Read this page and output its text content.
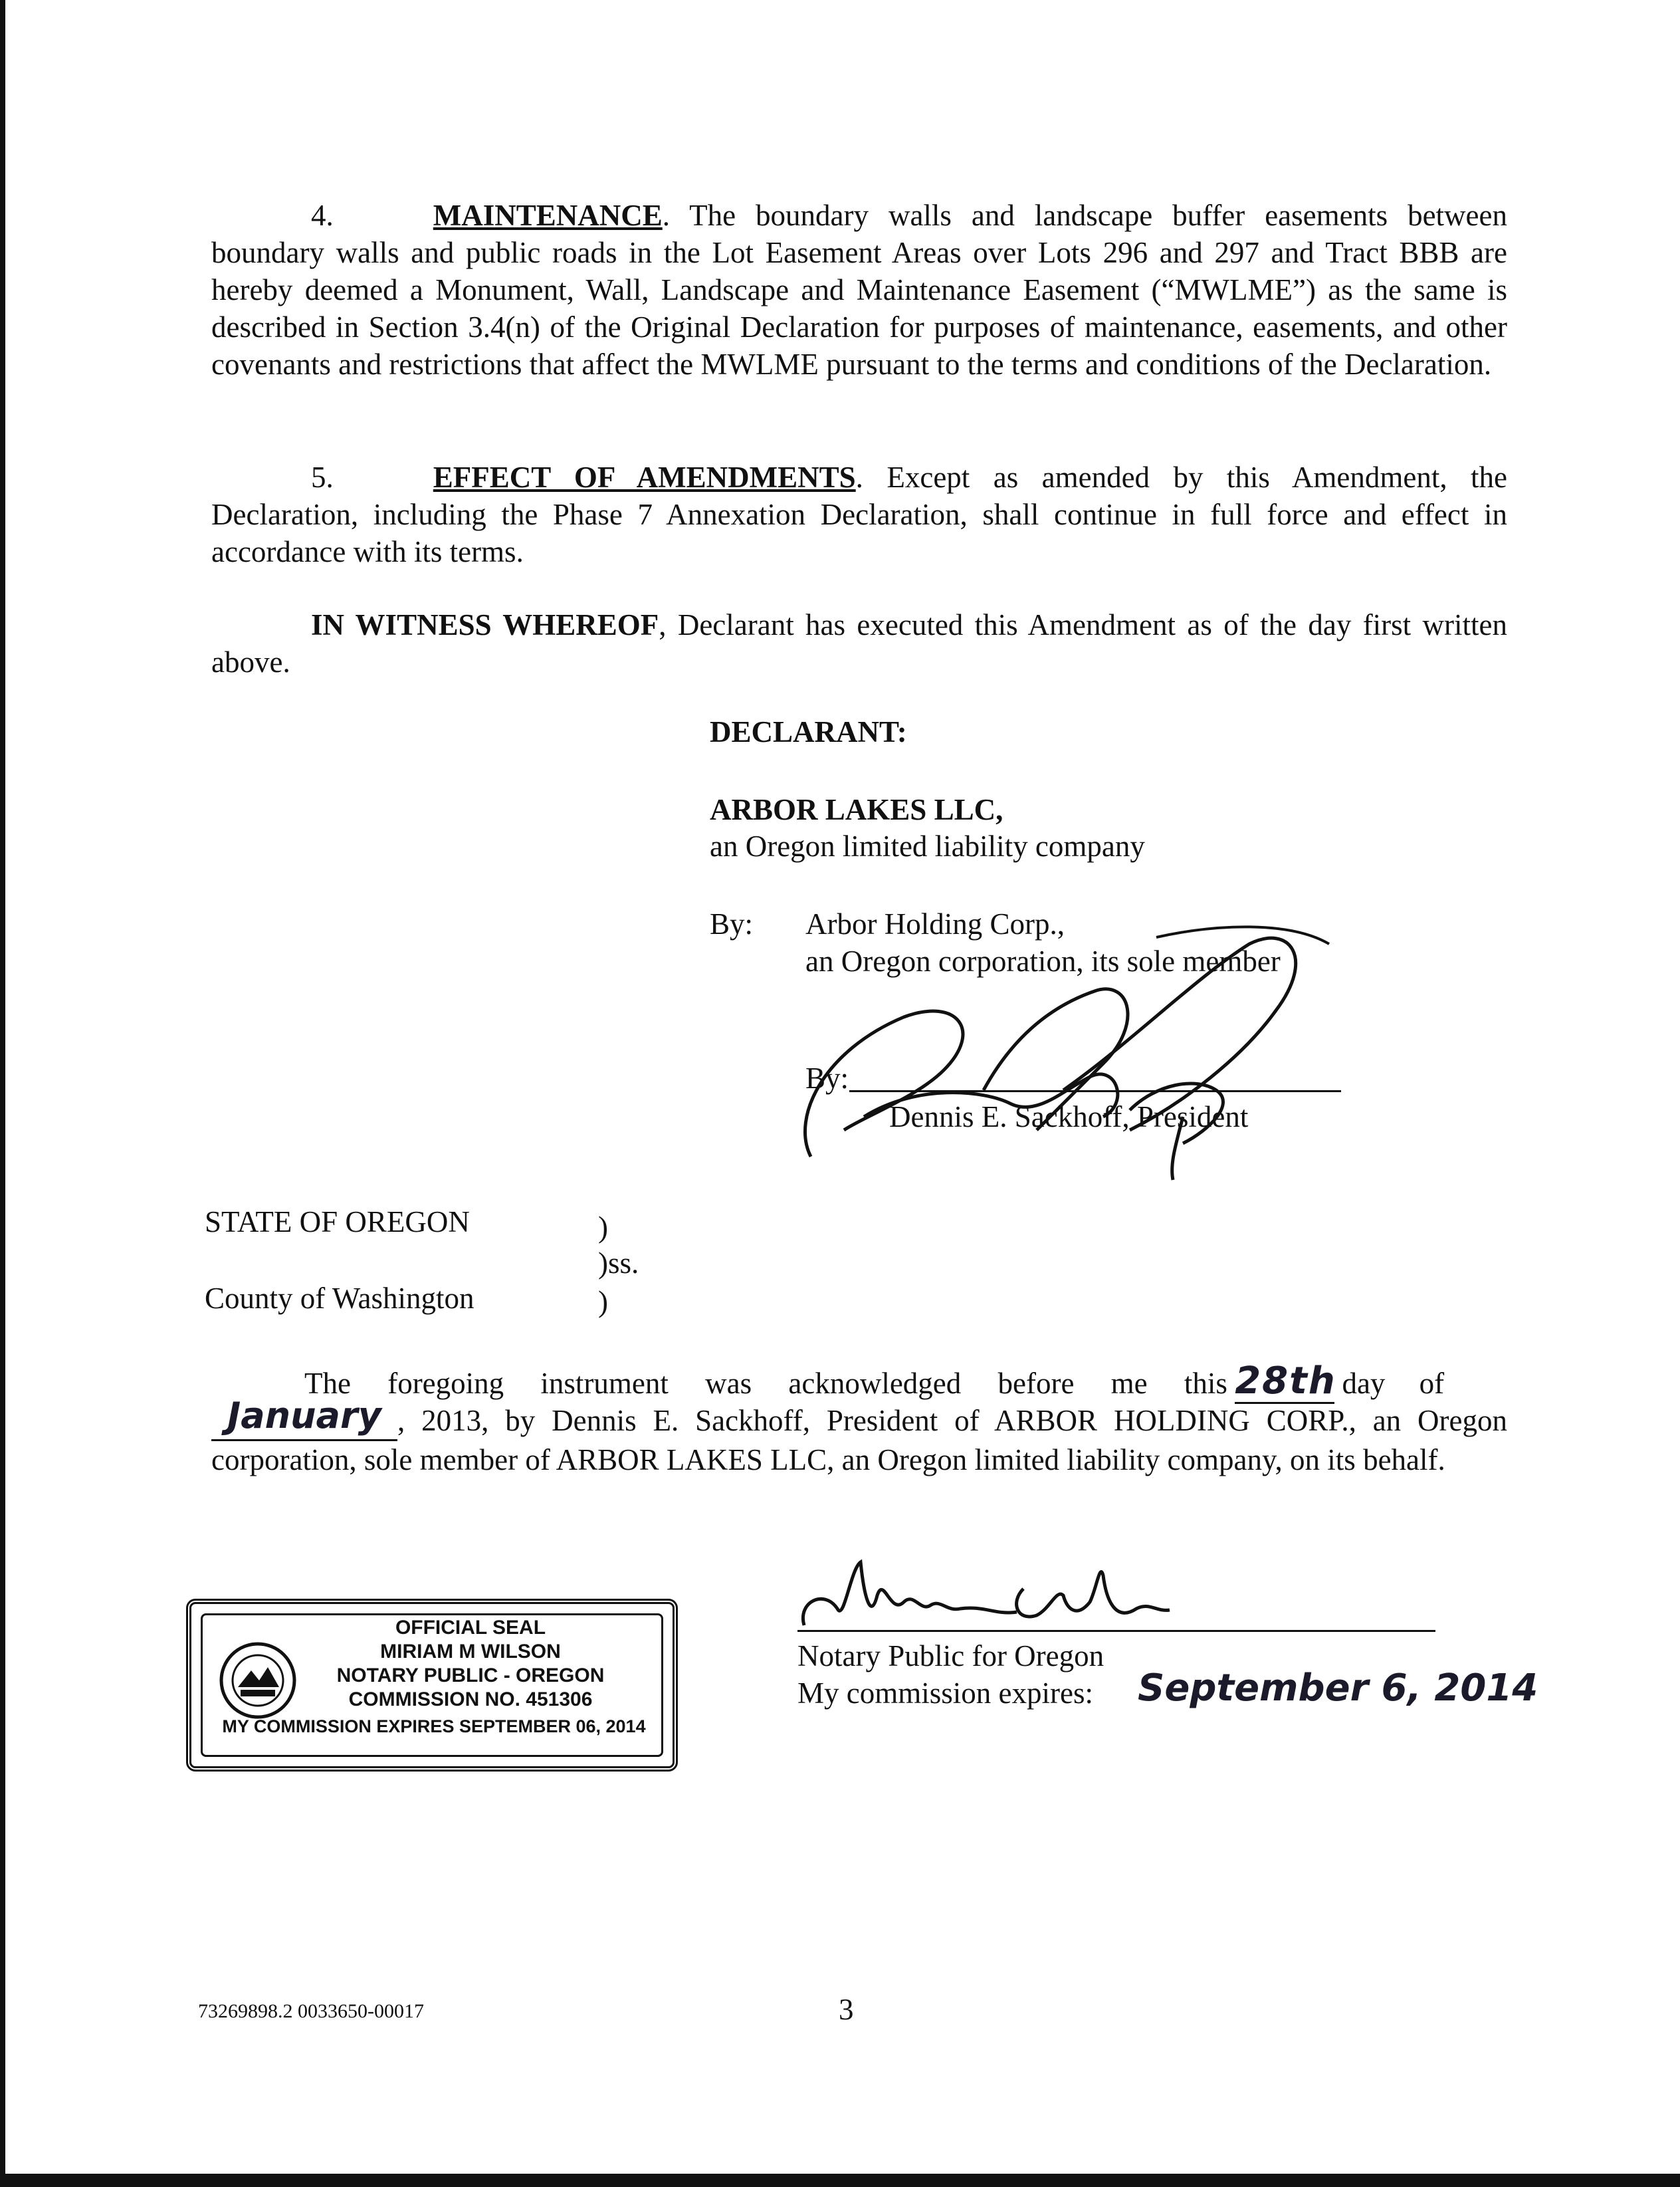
4.	MAINTENANCE. The boundary walls and landscape buffer easements between boundary walls and public roads in the Lot Easement Areas over Lots 296 and 297 and Tract BBB are hereby deemed a Monument, Wall, Landscape and Maintenance Easement (“MWLME”) as the same is described in Section 3.4(n) of the Original Declaration for purposes of maintenance, easements, and other covenants and restrictions that affect the MWLME pursuant to the terms and conditions of the Declaration.

5.	EFFECT OF AMENDMENTS. Except as amended by this Amendment, the Declaration, including the Phase 7 Annexation Declaration, shall continue in full force and effect in accordance with its terms.

IN WITNESS WHEREOF, Declarant has executed this Amendment as of the day first written above.

DECLARANT:

ARBOR LAKES LLC,

an Oregon limited liability company

By: Arbor Holding Corp.,

an Oregon corporation, its sole member

By:

Dennis E. Sackhoff, President

STATE OF OREGON	)

)ss.

County of Washington	)

The foregoing instrument was acknowledged before me this 28th day of

January , 2013, by Dennis E. Sackhoff, President of ARBOR HOLDING CORP., an Oregon corporation, sole member of ARBOR LAKES LLC, an Oregon limited liability company, on its behalf.

Notary Public for Oregon

My commission expires: September 6, 2014
OFFICIAL SEAL
MIRIAM M WILSON
NOTARY PUBLIC - OREGON
COMMISSION NO. 451306
MY COMMISSION EXPIRES SEPTEMBER 06, 2014
73269898.2 0033650-00017	3
